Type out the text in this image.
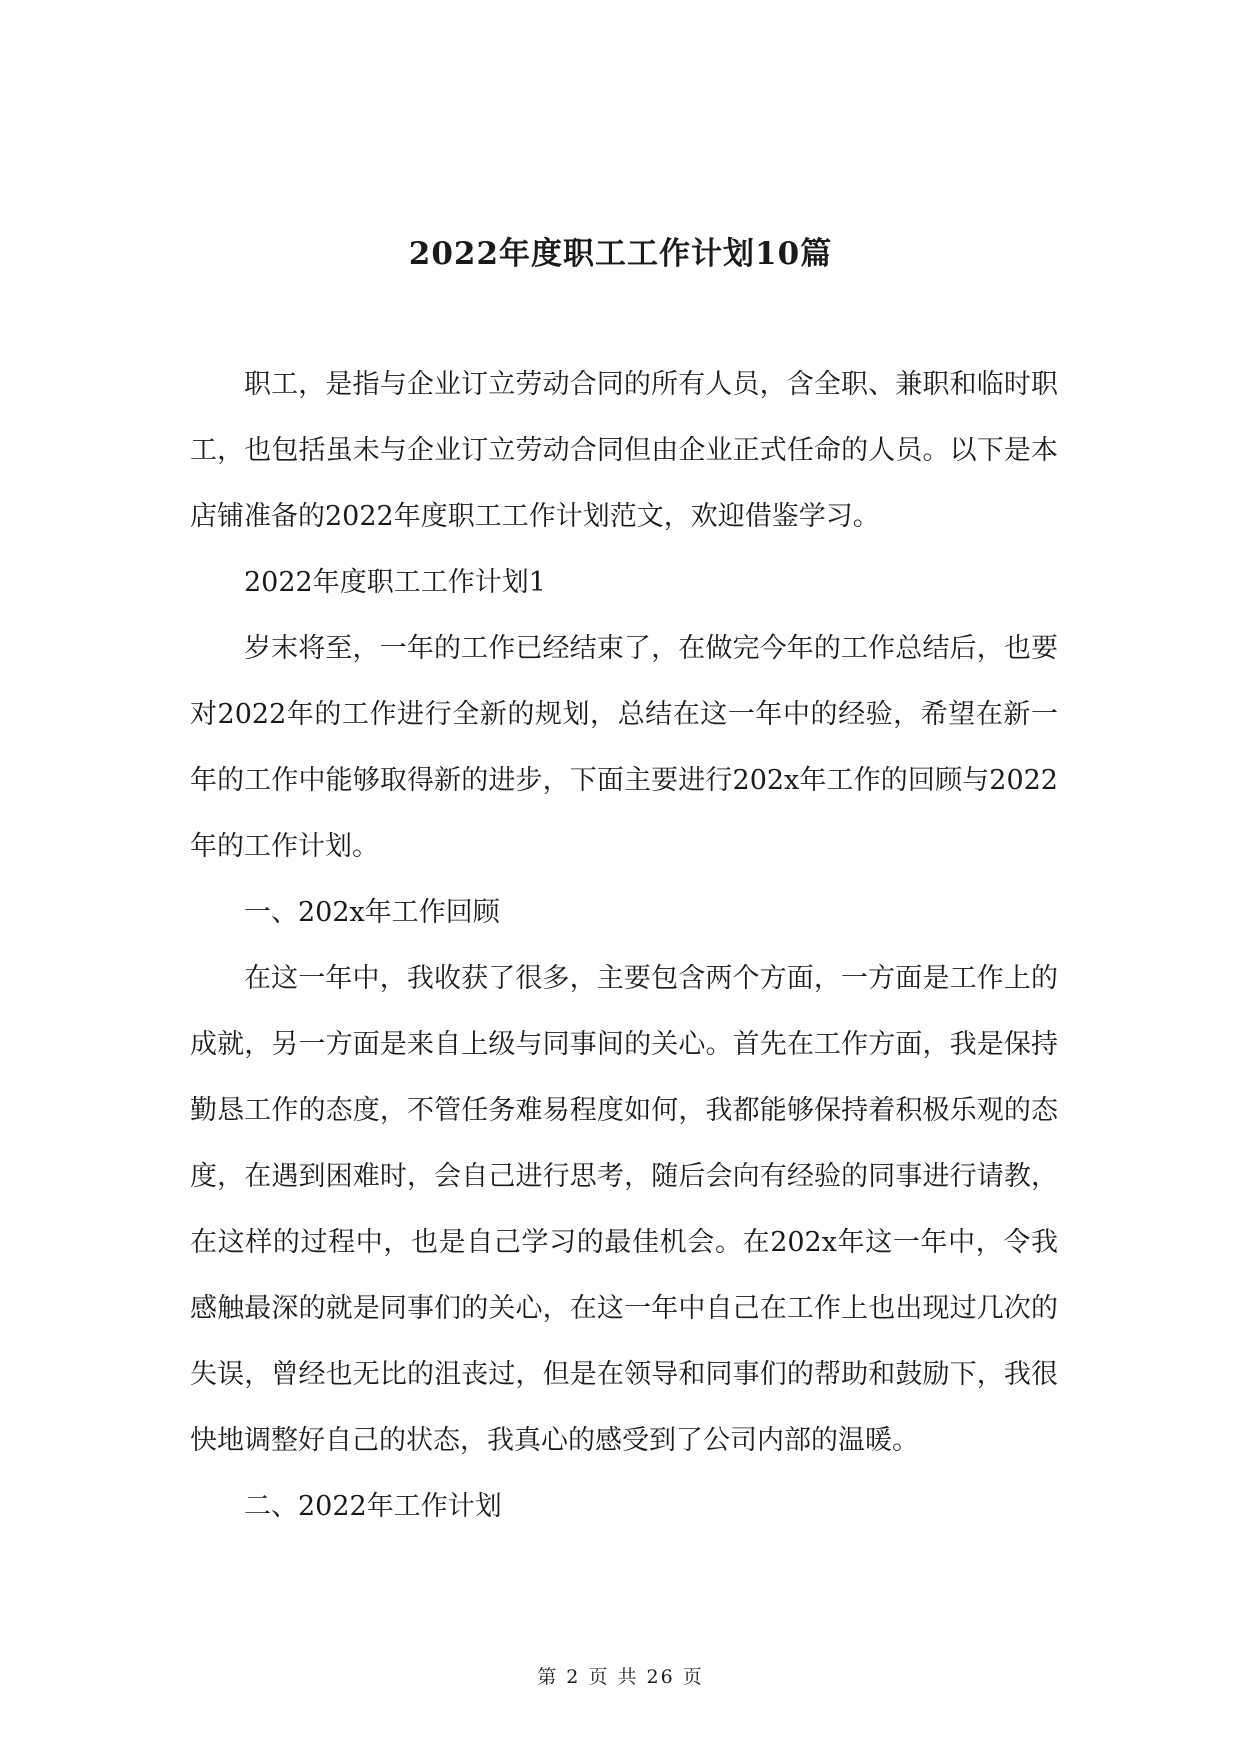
2022年度职工工作计划10篇

职工，是指与企业订立劳动合同的所有人员，含全职、兼职和临时职工，也包括虽未与企业订立劳动合同但由企业正式任命的人员。以下是本店铺准备的2022年度职工工作计划范文，欢迎借鉴学习。

2022年度职工工作计划1

岁末将至，一年的工作已经结束了，在做完今年的工作总结后，也要对2022年的工作进行全新的规划，总结在这一年中的经验，希望在新一年的工作中能够取得新的进步，下面主要进行202x年工作的回顾与2022年的工作计划。

一、202x年工作回顾

在这一年中，我收获了很多，主要包含两个方面，一方面是工作上的成就，另一方面是来自上级与同事间的关心。首先在工作方面，我是保持勤恳工作的态度，不管任务难易程度如何，我都能够保持着积极乐观的态度，在遇到困难时，会自己进行思考，随后会向有经验的同事进行请教，在这样的过程中，也是自己学习的最佳机会。在202x年这一年中，令我感触最深的就是同事们的关心，在这一年中自己在工作上也出现过几次的失误，曾经也无比的沮丧过，但是在领导和同事们的帮助和鼓励下，我很快地调整好自己的状态，我真心的感受到了公司内部的温暖。

二、2022年工作计划

第 2 页 共 26 页
